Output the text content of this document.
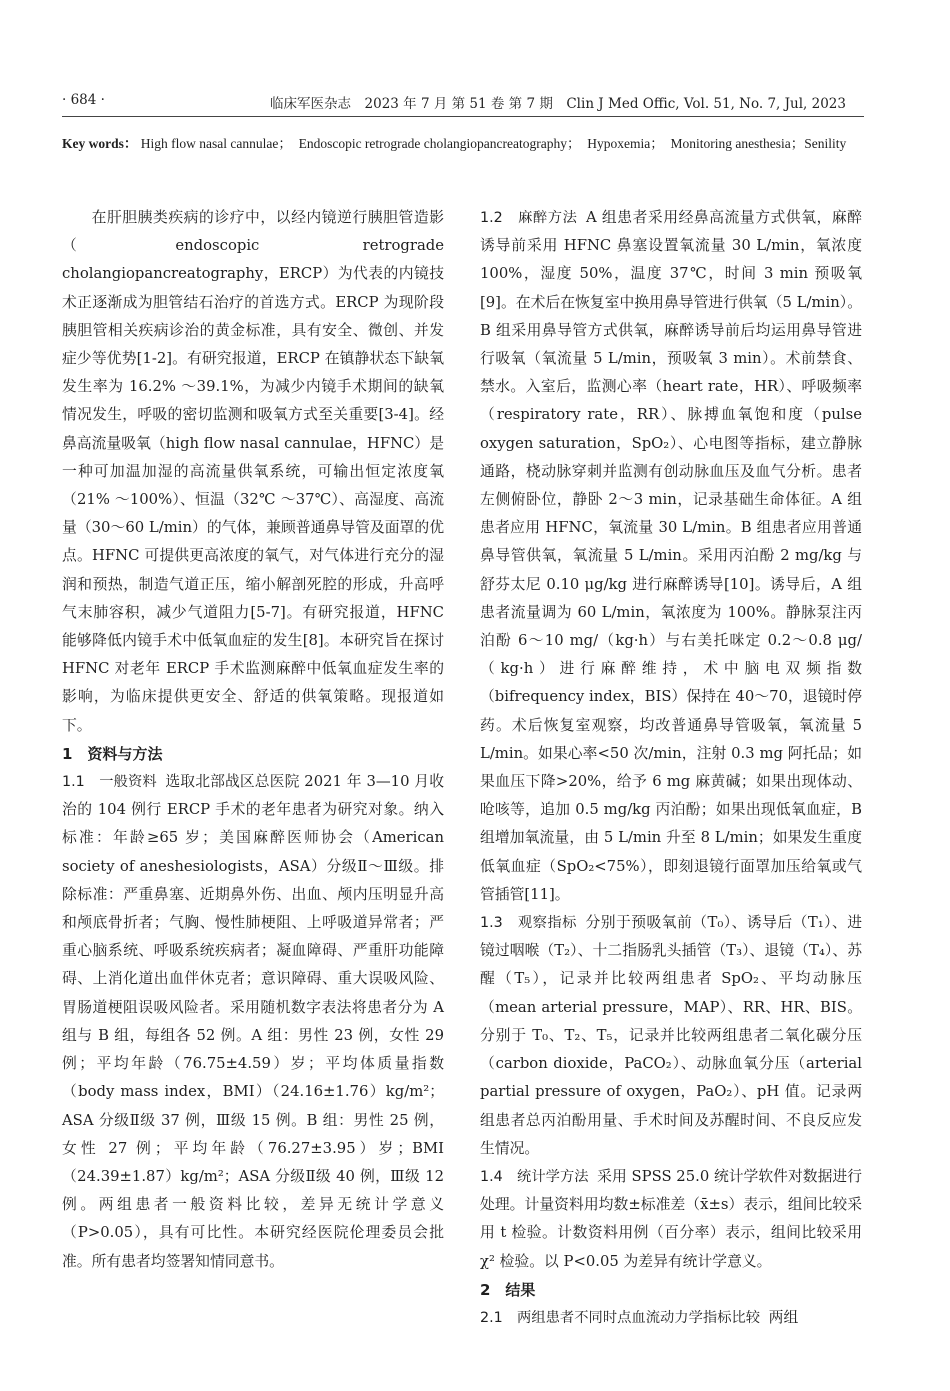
· 684 ·	临床军医杂志　2023 年 7 月 第 51 卷 第 7 期　Clin J Med Offic, Vol. 51, No. 7, Jul, 2023
Key words： High flow nasal cannulae；　Endoscopic retrograde cholangiopancreatography；　Hypoxemia；　Monitoring anesthesia；Senility

在肝胆胰类疾病的诊疗中，以经内镜逆行胰胆管造影（endoscopic retrograde cholangiopancreatography，ERCP）为代表的内镜技术正逐渐成为胆管结石治疗的首选方式。ERCP 为现阶段胰胆管相关疾病诊治的黄金标准，具有安全、微创、并发症少等优势[1-2]。有研究报道，ERCP 在镇静状态下缺氧发生率为 16.2% ～39.1%，为减少内镜手术期间的缺氧情况发生，呼吸的密切监测和吸氧方式至关重要[3-4]。经鼻高流量吸氧（high flow nasal cannulae，HFNC）是一种可加温加湿的高流量供氧系统，可输出恒定浓度氧（21% ～100%）、恒温（32℃ ～37℃）、高湿度、高流量（30～60 L/min）的气体，兼顾普通鼻导管及面罩的优点。HFNC 可提供更高浓度的氧气，对气体进行充分的湿润和预热，制造气道正压，缩小解剖死腔的形成，升高呼气末肺容积，减少气道阻力[5-7]。有研究报道，HFNC 能够降低内镜手术中低氧血症的发生[8]。本研究旨在探讨 HFNC 对老年 ERCP 手术监测麻醉中低氧血症发生率的影响，为临床提供更安全、舒适的供氧策略。现报道如下。

1　资料与方法

1.1　一般资料 选取北部战区总医院 2021 年 3—10 月收治的 104 例行 ERCP 手术的老年患者为研究对象。纳入标准：年龄≥65 岁；美国麻醉医师协会（American society of aneshesiologists，ASA）分级Ⅱ～Ⅲ级。排除标准：严重鼻塞、近期鼻外伤、出血、颅内压明显升高和颅底骨折者；气胸、慢性肺梗阻、上呼吸道异常者；严重心脑系统、呼吸系统疾病者；凝血障碍、严重肝功能障碍、上消化道出血伴休克者；意识障碍、重大误吸风险、胃肠道梗阻误吸风险者。采用随机数字表法将患者分为 A 组与 B 组，每组各 52 例。A 组：男性 23 例，女性 29 例；平均年龄（76.75±4.59）岁；平均体质量指数（body mass index，BMI）（24.16±1.76）kg/m²；ASA 分级Ⅱ级 37 例，Ⅲ级 15 例。B 组：男性 25 例，女性 27 例；平均年龄（76.27±3.95）岁；BMI（24.39±1.87）kg/m²；ASA 分级Ⅱ级 40 例，Ⅲ级 12 例。两组患者一般资料比较，差异无统计学意义（P>0.05），具有可比性。本研究经医院伦理委员会批准。所有患者均签署知情同意书。

1.2　麻醉方法 A 组患者采用经鼻高流量方式供氧，麻醉诱导前采用 HFNC 鼻塞设置氧流量 30 L/min，氧浓度 100%，湿度 50%，温度 37℃，时间 3 min 预吸氧[9]。在术后在恢复室中换用鼻导管进行供氧（5 L/min）。B 组采用鼻导管方式供氧，麻醉诱导前后均运用鼻导管进行吸氧（氧流量 5 L/min，预吸氧 3 min）。术前禁食、禁水。入室后，监测心率（heart rate，HR）、呼吸频率（respiratory rate，RR）、脉搏血氧饱和度（pulse oxygen saturation，SpO₂）、心电图等指标，建立静脉通路，桡动脉穿刺并监测有创动脉血压及血气分析。患者左侧俯卧位，静卧 2～3 min，记录基础生命体征。A 组患者应用 HFNC，氧流量 30 L/min。B 组患者应用普通鼻导管供氧，氧流量 5 L/min。采用丙泊酚 2 mg/kg 与舒芬太尼 0.10 μg/kg 进行麻醉诱导[10]。诱导后，A 组患者流量调为 60 L/min，氧浓度为 100%。静脉泵注丙泊酚 6～10 mg/（kg·h）与右美托咪定 0.2～0.8 μg/（kg·h）进行麻醉维持，术中脑电双频指数（bifrequency index，BIS）保持在 40～70，退镜时停药。术后恢复室观察，均改普通鼻导管吸氧，氧流量 5 L/min。如果心率<50 次/min，注射 0.3 mg 阿托品；如果血压下降>20%，给予 6 mg 麻黄碱；如果出现体动、呛咳等，追加 0.5 mg/kg 丙泊酚；如果出现低氧血症，B 组增加氧流量，由 5 L/min 升至 8 L/min；如果发生重度低氧血症（SpO₂<75%），即刻退镜行面罩加压给氧或气管插管[11]。

1.3　观察指标 分别于预吸氧前（T₀）、诱导后（T₁）、进镜过咽喉（T₂）、十二指肠乳头插管（T₃）、退镜（T₄）、苏醒（T₅），记录并比较两组患者 SpO₂、平均动脉压（mean arterial pressure，MAP）、RR、HR、BIS。分别于 T₀、T₂、T₅，记录并比较两组患者二氧化碳分压（carbon dioxide，PaCO₂）、动脉血氧分压（arterial partial pressure of oxygen，PaO₂）、pH 值。记录两组患者总丙泊酚用量、手术时间及苏醒时间、不良反应发生情况。

1.4　统计学方法 采用 SPSS 25.0 统计学软件对数据进行处理。计量资料用均数±标准差（x̄±s）表示，组间比较采用 t 检验。计数资料用例（百分率）表示，组间比较采用χ² 检验。以 P<0.05 为差异有统计学意义。

2　结果

2.1　两组患者不同时点血流动力学指标比较 两组
